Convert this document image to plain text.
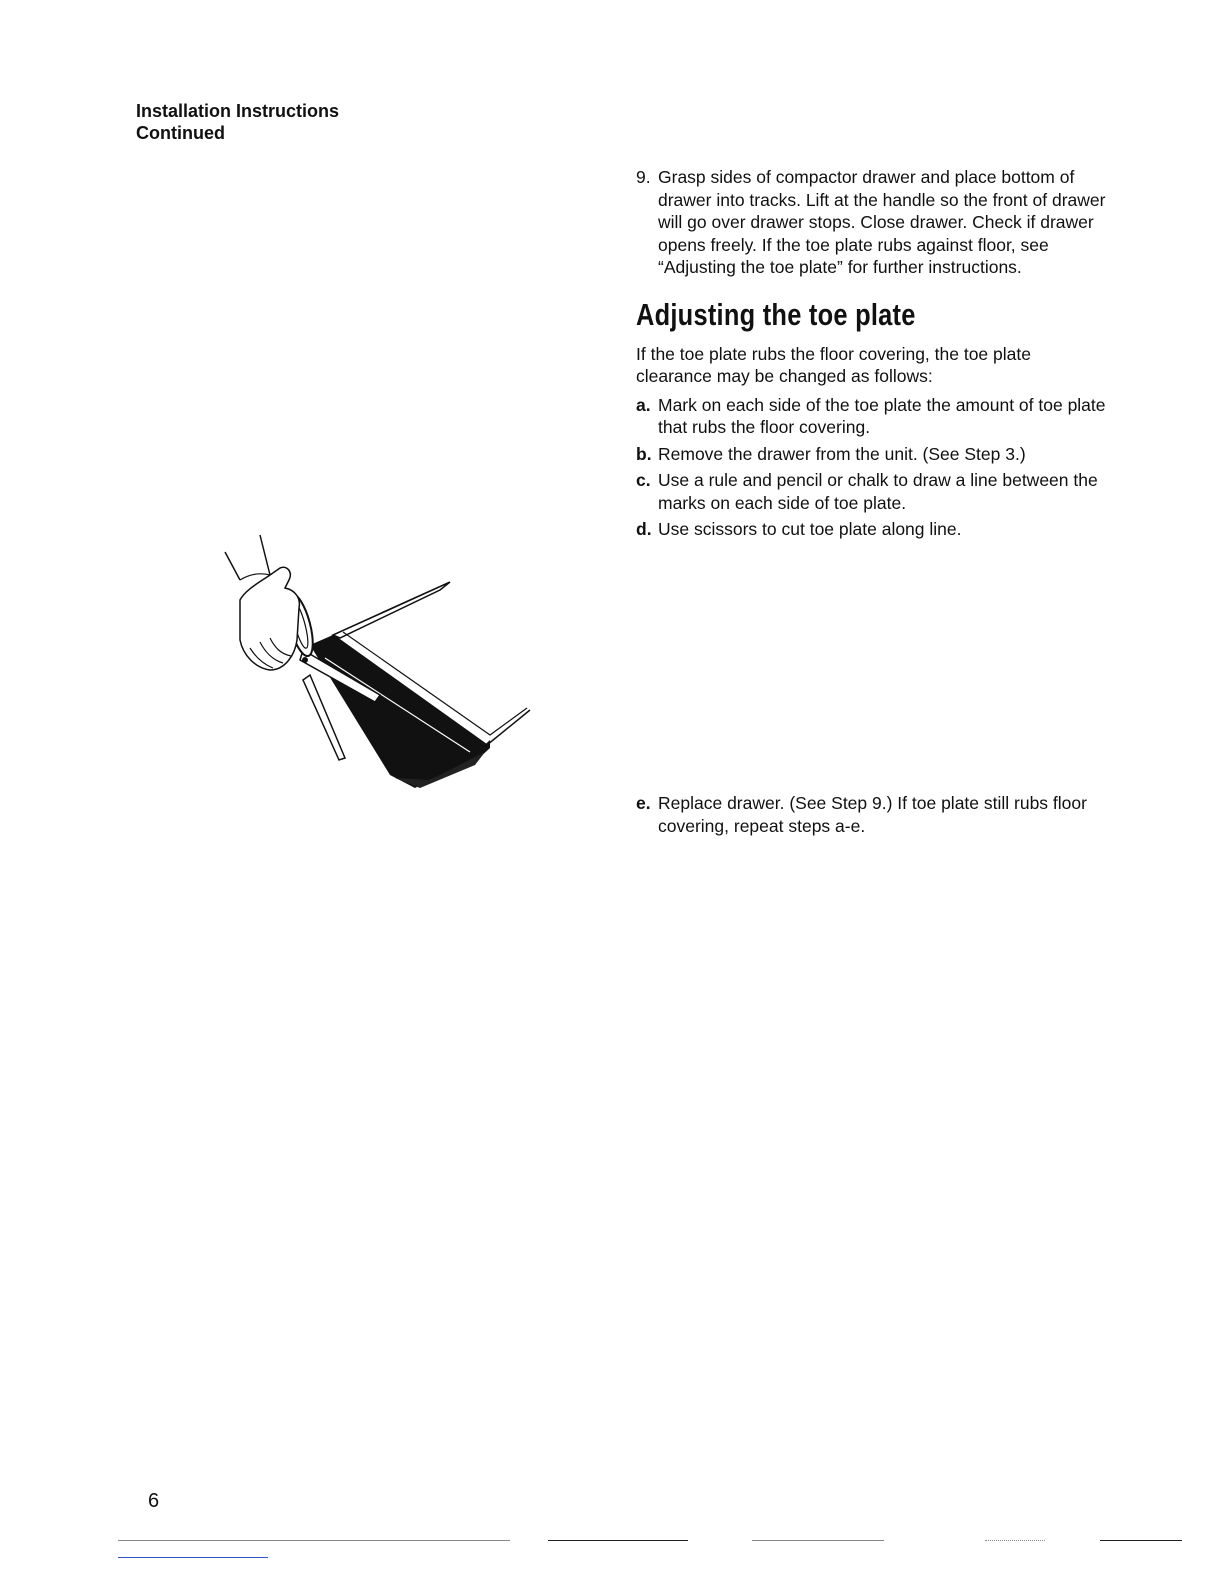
Installation Instructions
Continued
9. Grasp sides of compactor drawer and place bottom of drawer into tracks. Lift at the handle so the front of drawer will go over drawer stops. Close drawer. Check if drawer opens freely. If the toe plate rubs against floor, see “Adjusting the toe plate” for further instructions.
Adjusting the toe plate

If the toe plate rubs the floor covering, the toe plate clearance may be changed as follows:

a. Mark on each side of the toe plate the amount of toe plate that rubs the floor covering.
b. Remove the drawer from the unit. (See Step 3.)
c. Use a rule and pencil or chalk to draw a line between the marks on each side of toe plate.
d. Use scissors to cut toe plate along line.
e. Replace drawer. (See Step 9.) If toe plate still rubs floor covering, repeat steps a-e.
6
